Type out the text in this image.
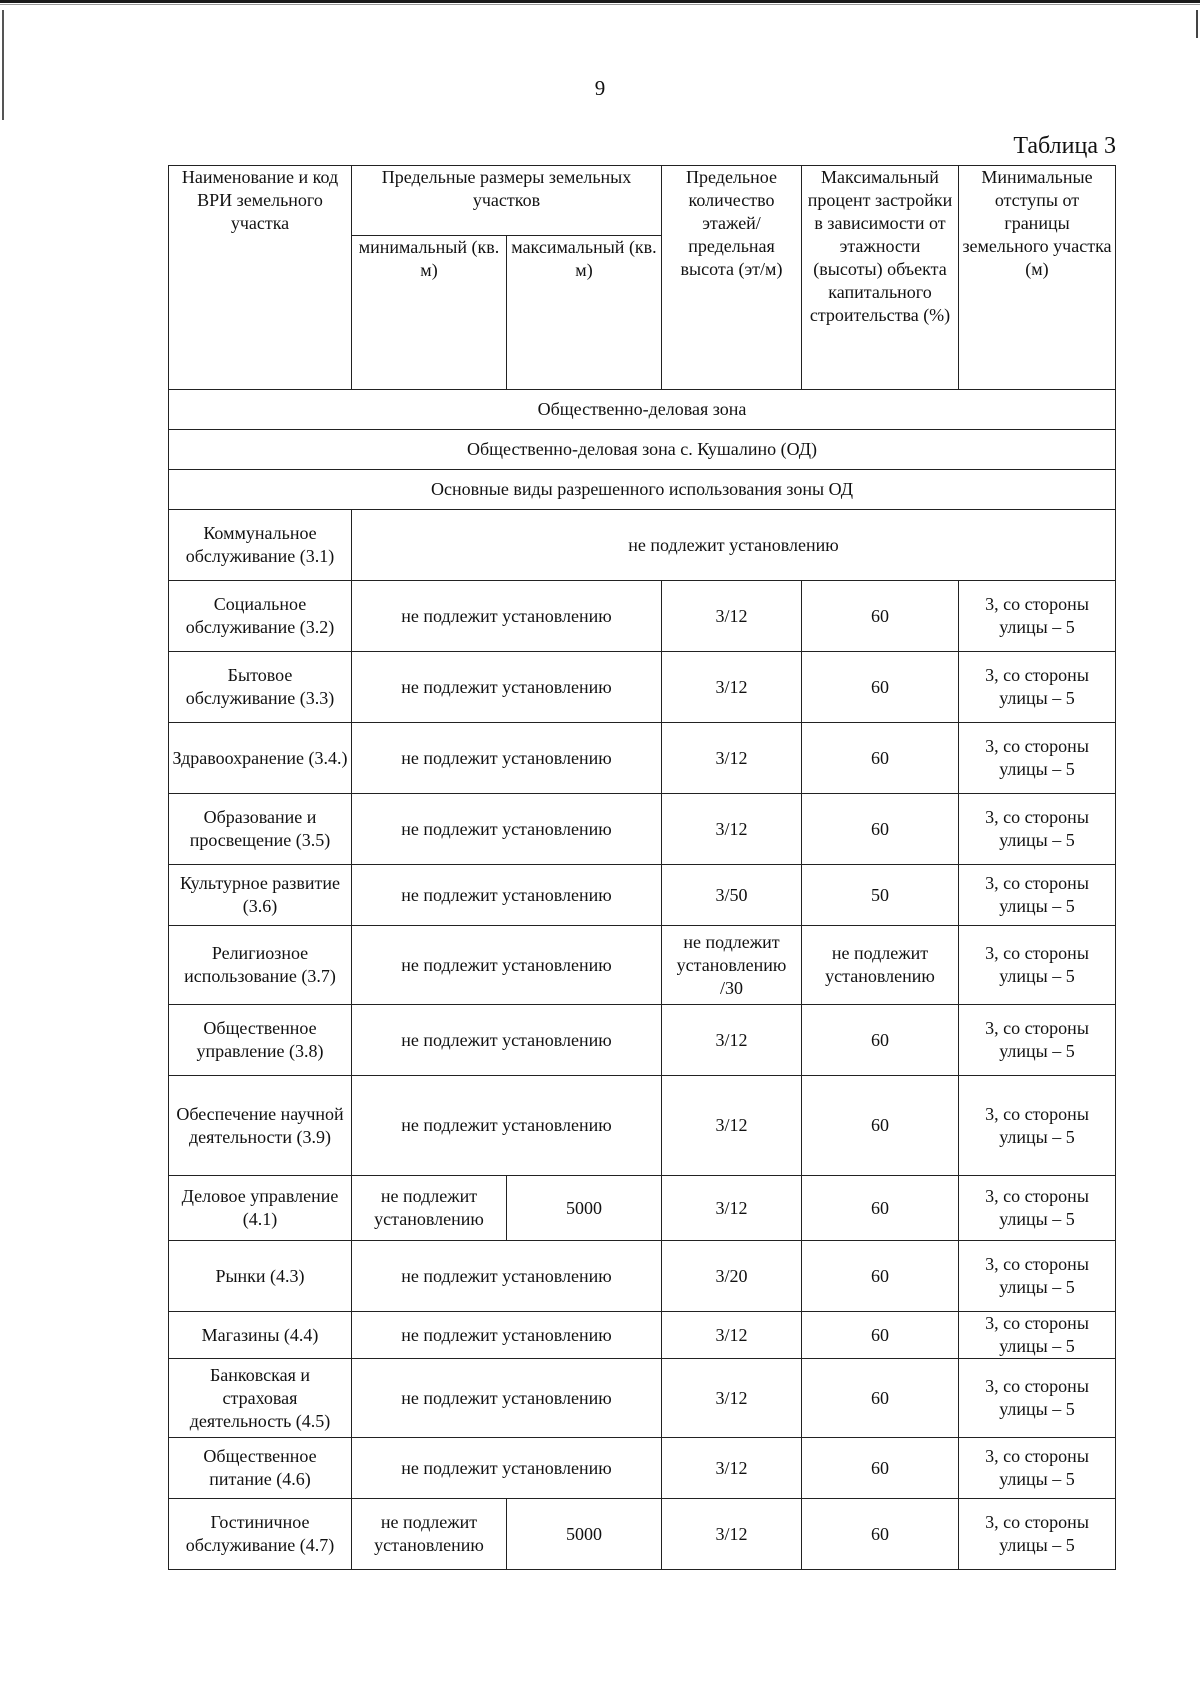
9
Таблица 3
Наименование и код ВРИ земельного участка	Предельные размеры земельных участков		Предельное количество этажей/ предельная высота (эт/м)	Максимальный процент застройки в зависимости от этажности (высоты) объекта капитального строительства (%)	Минимальные отступы от границы земельного участка (м)
	минимальный (кв. м)	максимальный (кв. м)			
Общественно-деловая зона					
Общественно-деловая зона с. Кушалино (ОД)					
Основные виды разрешенного использования зоны ОД					
Коммунальное обслуживание (3.1)	не подлежит установлению				
Социальное обслуживание (3.2)	не подлежит установлению		3/12	60	3, со стороны улицы – 5
Бытовое обслуживание (3.3)	не подлежит установлению		3/12	60	3, со стороны улицы – 5
Здравоохранение (3.4.)	не подлежит установлению		3/12	60	3, со стороны улицы – 5
Образование и просвещение (3.5)	не подлежит установлению		3/12	60	3, со стороны улицы – 5
Культурное развитие (3.6)	не подлежит установлению		3/50	50	3, со стороны улицы – 5
Религиозное использование (3.7)	не подлежит установлению		не подлежит установлению /30	не подлежит установлению	3, со стороны улицы – 5
Общественное управление (3.8)	не подлежит установлению		3/12	60	3, со стороны улицы – 5
Обеспечение научной деятельности (3.9)	не подлежит установлению		3/12	60	3, со стороны улицы – 5
Деловое управление (4.1)	не подлежит установлению	5000	3/12	60	3, со стороны улицы – 5
Рынки (4.3)	не подлежит установлению		3/20	60	3, со стороны улицы – 5
Магазины (4.4)	не подлежит установлению		3/12	60	3, со стороны улицы – 5
Банковская и страховая деятельность (4.5)	не подлежит установлению		3/12	60	3, со стороны улицы – 5
Общественное питание (4.6)	не подлежит установлению		3/12	60	3, со стороны улицы – 5
Гостиничное обслуживание (4.7)	не подлежит установлению	5000	3/12	60	3, со стороны улицы – 5
